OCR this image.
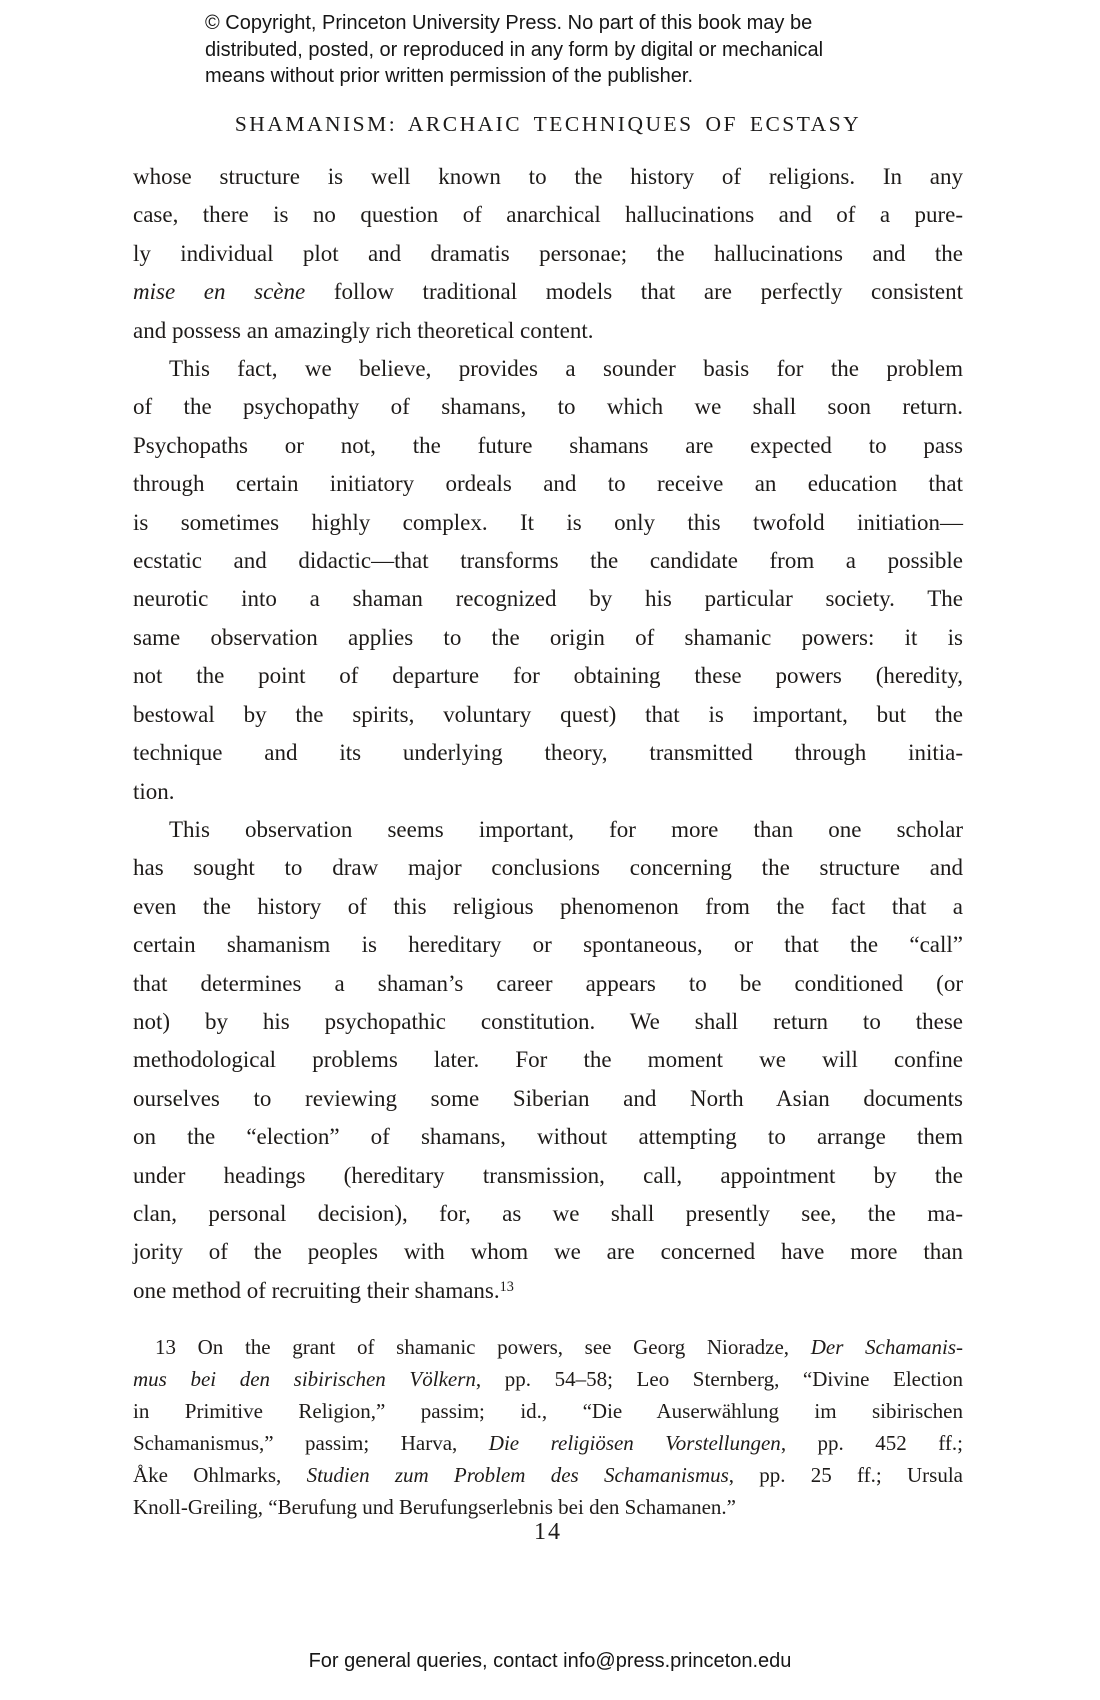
© Copyright, Princeton University Press. No part of this book may be
distributed, posted, or reproduced in any form by digital or mechanical
means without prior written permission of the publisher.
SHAMANISM: ARCHAIC TECHNIQUES OF ECSTASY
whose structure is well known to the history of religions. In any
case, there is no question of anarchical hallucinations and of a pure-
ly individual plot and dramatis personae; the hallucinations and the
mise en scène follow traditional models that are perfectly consistent
and possess an amazingly rich theoretical content.
This fact, we believe, provides a sounder basis for the problem
of the psychopathy of shamans, to which we shall soon return.
Psychopaths or not, the future shamans are expected to pass
through certain initiatory ordeals and to receive an education that
is sometimes highly complex. It is only this twofold initiation—
ecstatic and didactic—that transforms the candidate from a possible
neurotic into a shaman recognized by his particular society. The
same observation applies to the origin of shamanic powers: it is
not the point of departure for obtaining these powers (heredity,
bestowal by the spirits, voluntary quest) that is important, but the
technique and its underlying theory, transmitted through initia-
tion.
This observation seems important, for more than one scholar
has sought to draw major conclusions concerning the structure and
even the history of this religious phenomenon from the fact that a
certain shamanism is hereditary or spontaneous, or that the “call”
that determines a shaman’s career appears to be conditioned (or
not) by his psychopathic constitution. We shall return to these
methodological problems later. For the moment we will confine
ourselves to reviewing some Siberian and North Asian documents
on the “election” of shamans, without attempting to arrange them
under headings (hereditary transmission, call, appointment by the
clan, personal decision), for, as we shall presently see, the ma-
jority of the peoples with whom we are concerned have more than
one method of recruiting their shamans.$^{13}$
13 On the grant of shamanic powers, see Georg Nioradze, Der Schamanis-
mus bei den sibirischen Völkern, pp. 54–58; Leo Sternberg, “Divine Election
in Primitive Religion,” passim; id., “Die Auserwählung im sibirischen
Schamanismus,” passim; Harva, Die religiösen Vorstellungen, pp. 452 ff.;
Åke Ohlmarks, Studien zum Problem des Schamanismus, pp. 25 ff.; Ursula
Knoll-Greiling, “Berufung und Berufungserlebnis bei den Schamanen.”
14
For general queries, contact info@press.princeton.edu
